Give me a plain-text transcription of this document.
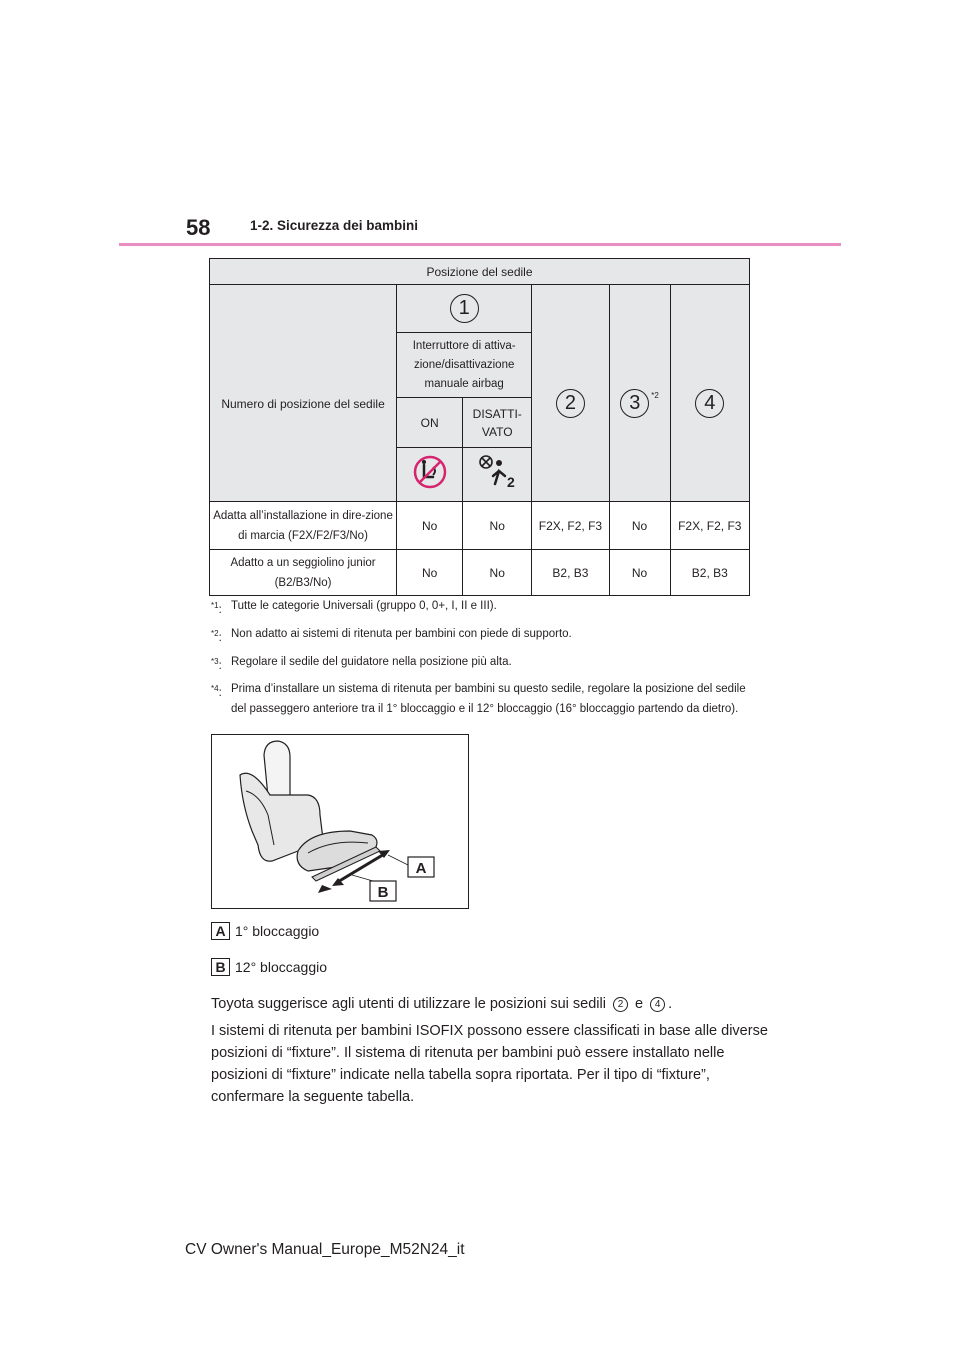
58	1-2. Sicurezza dei bambini
Posizione del sedile					
Numero di posizione del sedile	1		2	3 $^{*2}$	4
	Interruttore di attiva-zione/disattivazione manuale airbag				
	ON	DISATTI-VATO			

2			

Adatta all’installazione in dire-zione di marcia (F2X/F2/F3/No)	No	No	F2X, F2, F3	No	F2X, F2, F3
Adatto a un seggiolino junior (B2/B3/No)	No	No	B2, B3	No	B2, B3
$^{*1}$: Tutte le categorie Universali (gruppo 0, 0+, I, II e III).
$^{*2}$: Non adatto ai sistemi di ritenuta per bambini con piede di supporto.
$^{*3}$: Regolare il sedile del guidatore nella posizione più alta.
$^{*4}$: Prima d’installare un sistema di ritenuta per bambini su questo sedile, regolare la posizione del sedile del passeggero anteriore tra il 1° bloccaggio e il 12° bloccaggio (16° bloccaggio partendo da dietro).
A
B
A 1° bloccaggio
B 12° bloccaggio
Toyota suggerisce agli utenti di utilizzare le posizioni sui sedili 2 e 4 .
I sistemi di ritenuta per bambini ISOFIX possono essere classificati in base alle diverse posizioni di “fixture”. Il sistema di ritenuta per bambini può essere installato nelle posizioni di “fixture” indicate nella tabella sopra riportata. Per il tipo di “fixture”, confermare la seguente tabella.
CV Owner's Manual_Europe_M52N24_it
